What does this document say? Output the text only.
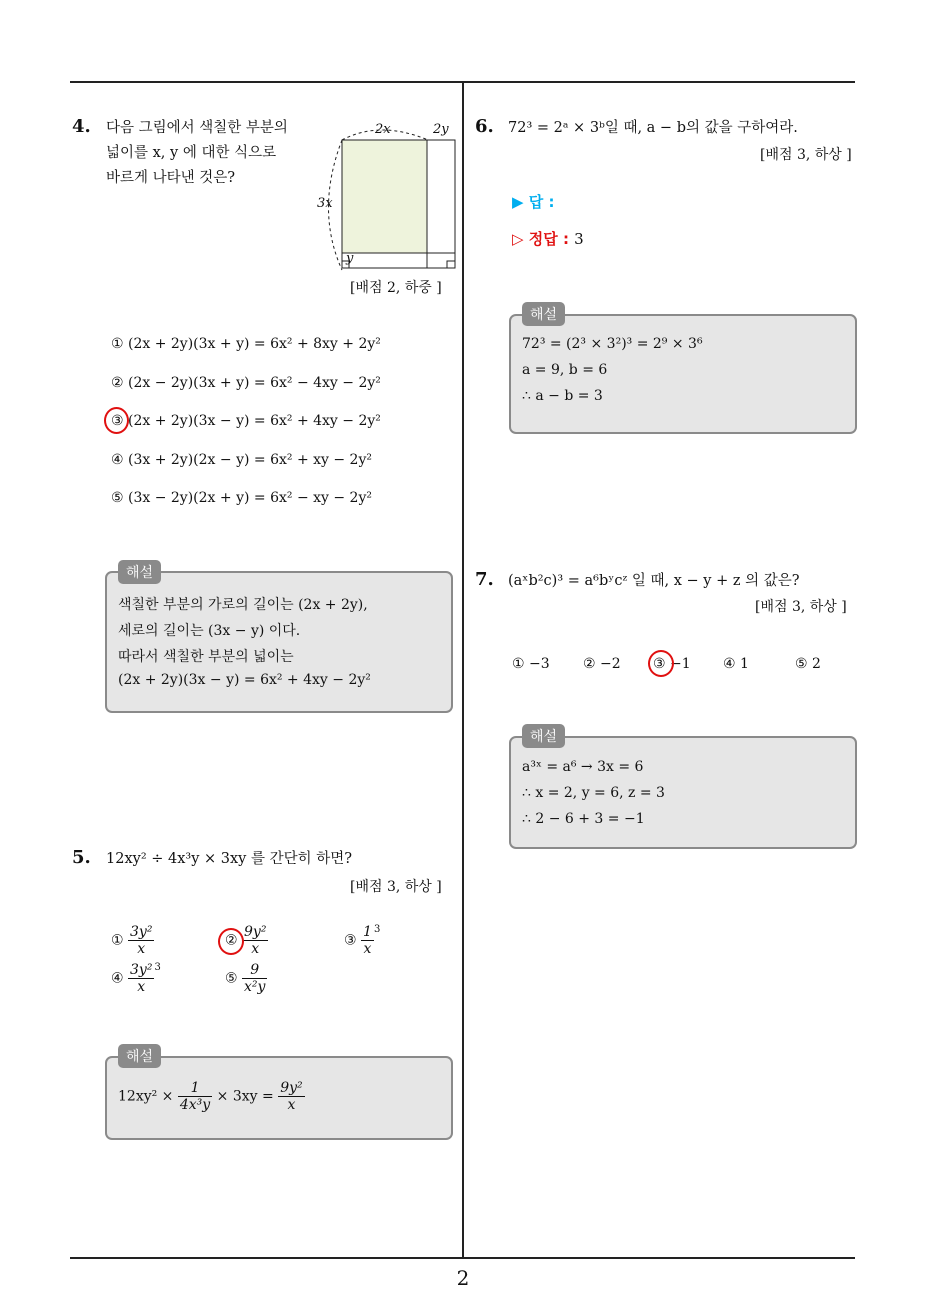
4. 다음 그림에서 색칠한 부분의
넓이를 x, y 에 대한 식으로
바르게 나타낸 것은?
2x	2y
3x
y
[배점 2, 하중 ]
① (2x + 2y)(3x + y) = 6x² + 8xy + 2y²
② (2x − 2y)(3x + y) = 6x² − 4xy − 2y²
③ (2x + 2y)(3x − y) = 6x² + 4xy − 2y²
④ (3x + 2y)(2x − y) = 6x² + xy − 2y²
⑤ (3x − 2y)(2x + y) = 6x² − xy − 2y²
해설
색칠한 부분의 가로의 길이는 (2x + 2y),
세로의 길이는 (3x − y) 이다.
따라서 색칠한 부분의 넓이는
(2x + 2y)(3x − y) = 6x² + 4xy − 2y²
5. 12xy² ÷ 4x³y × 3xy 를 간단히 하면?
[배점 3, 하상 ]
① $\frac{\text{3y²}}{x}$	② $\frac{\text{9y²}}{x}$	③ $\frac{1}{x} ^3$
④ $\frac{\text{3y²}}{x} ^3$
⑤ $\frac{9}{\text{x²y}}$
해설
$12xy^2 \times \frac{1}{\text{4x³y}} \times 3xy = \frac{\text{9y²}}{x}$
6. 72³ = 2ᵃ × 3ᵇ일 때, a − b의 값을 구하여라.
[배점 3, 하상 ]
▶ 답 :
▷ 정답 : 3
해설
72³ = (2³ × 3²)³ = 2⁹ × 3⁶
a = 9, b = 6
∴ a − b = 3
7. (aˣb²c)³ = a⁶bʸcᶻ 일 때, x − y + z 의 값은?
[배점 3, 하상 ]
① −3 ② −2 ③ −1 ④ 1	⑤ 2
해설
a³ˣ = a⁶ → 3x = 6
∴ x = 2, y = 6, z = 3
∴ 2 − 6 + 3 = −1
2
